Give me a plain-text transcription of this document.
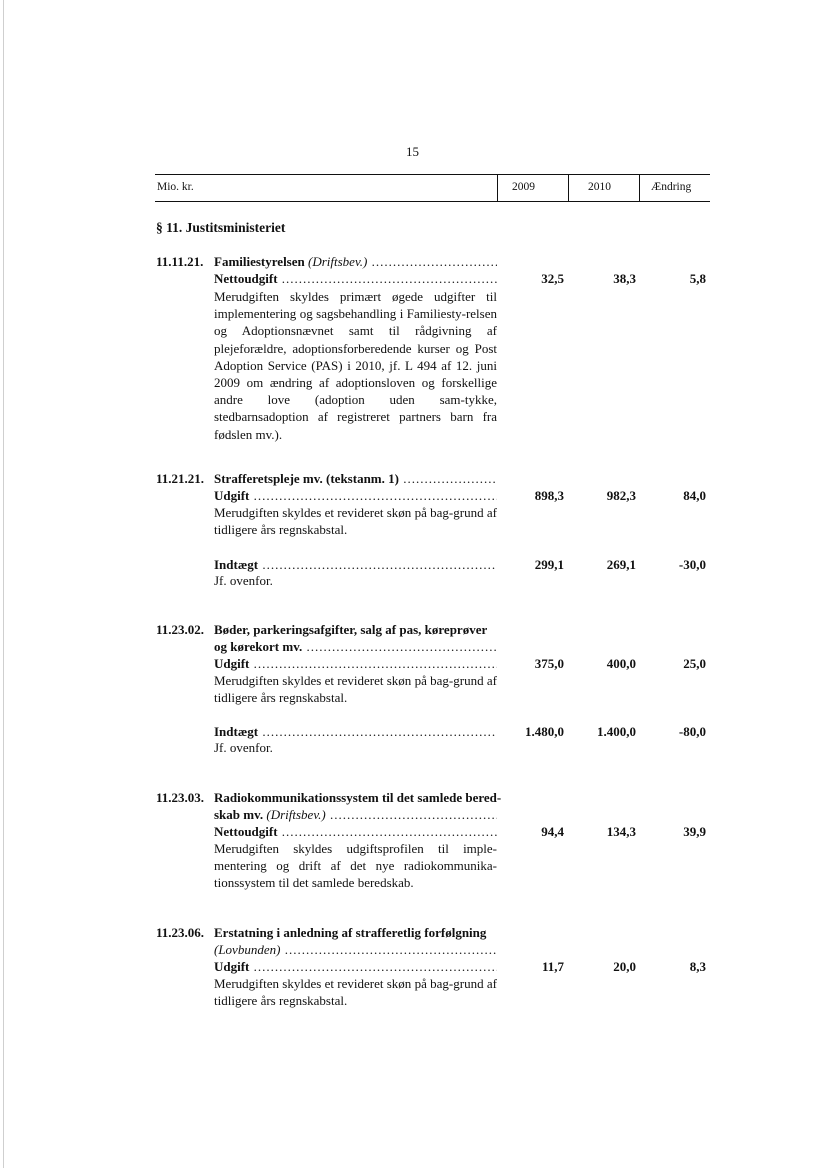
15
Mio. kr.	2009	2010	Ændring
§ 11. Justitsministeriet
11.11.21. Familiestyrelsen (Driftsbev.) .....
Nettoudgift .....	32,5	38,3	5,8
Merudgiften skyldes primært øgede udgifter til implementering og sagsbehandling i Familiesty-relsen og Adoptionsnævnet samt til rådgivning af plejeforældre, adoptionsforberedende kurser og Post Adoption Service (PAS) i 2010, jf. L 494 af 12. juni 2009 om ændring af adoptionsloven og forskellige andre love (adoption uden sam-tykke, stedbarnsadoption af registreret partners barn fra fødslen mv.).
11.21.21. Strafferetspleje mv. (tekstanm. 1) .....
Udgift .....	898,3	982,3	84,0
Merudgiften skyldes et revideret skøn på bag-grund af tidligere års regnskabstal.
Indtægt .....	299,1	269,1	-30,0
Jf. ovenfor.
11.23.02. Bøder, parkeringsafgifter, salg af pas, køreprøver
og kørekort mv. .....
Udgift .....	375,0	400,0	25,0
Merudgiften skyldes et revideret skøn på bag-grund af tidligere års regnskabstal.
Indtægt .....	1.480,0	1.400,0	-80,0
Jf. ovenfor.
11.23.03. Radiokommunikationssystem til det samlede bered-
skab mv. (Driftsbev.) .....
Nettoudgift .....	94,4	134,3	39,9
Merudgiften skyldes udgiftsprofilen til imple-mentering og drift af det nye radiokommunika-tionssystem til det samlede beredskab.
11.23.06. Erstatning i anledning af strafferetlig forfølgning
(Lovbunden) .....
Udgift .....	11,7	20,0	8,3
Merudgiften skyldes et revideret skøn på bag-grund af tidligere års regnskabstal.
